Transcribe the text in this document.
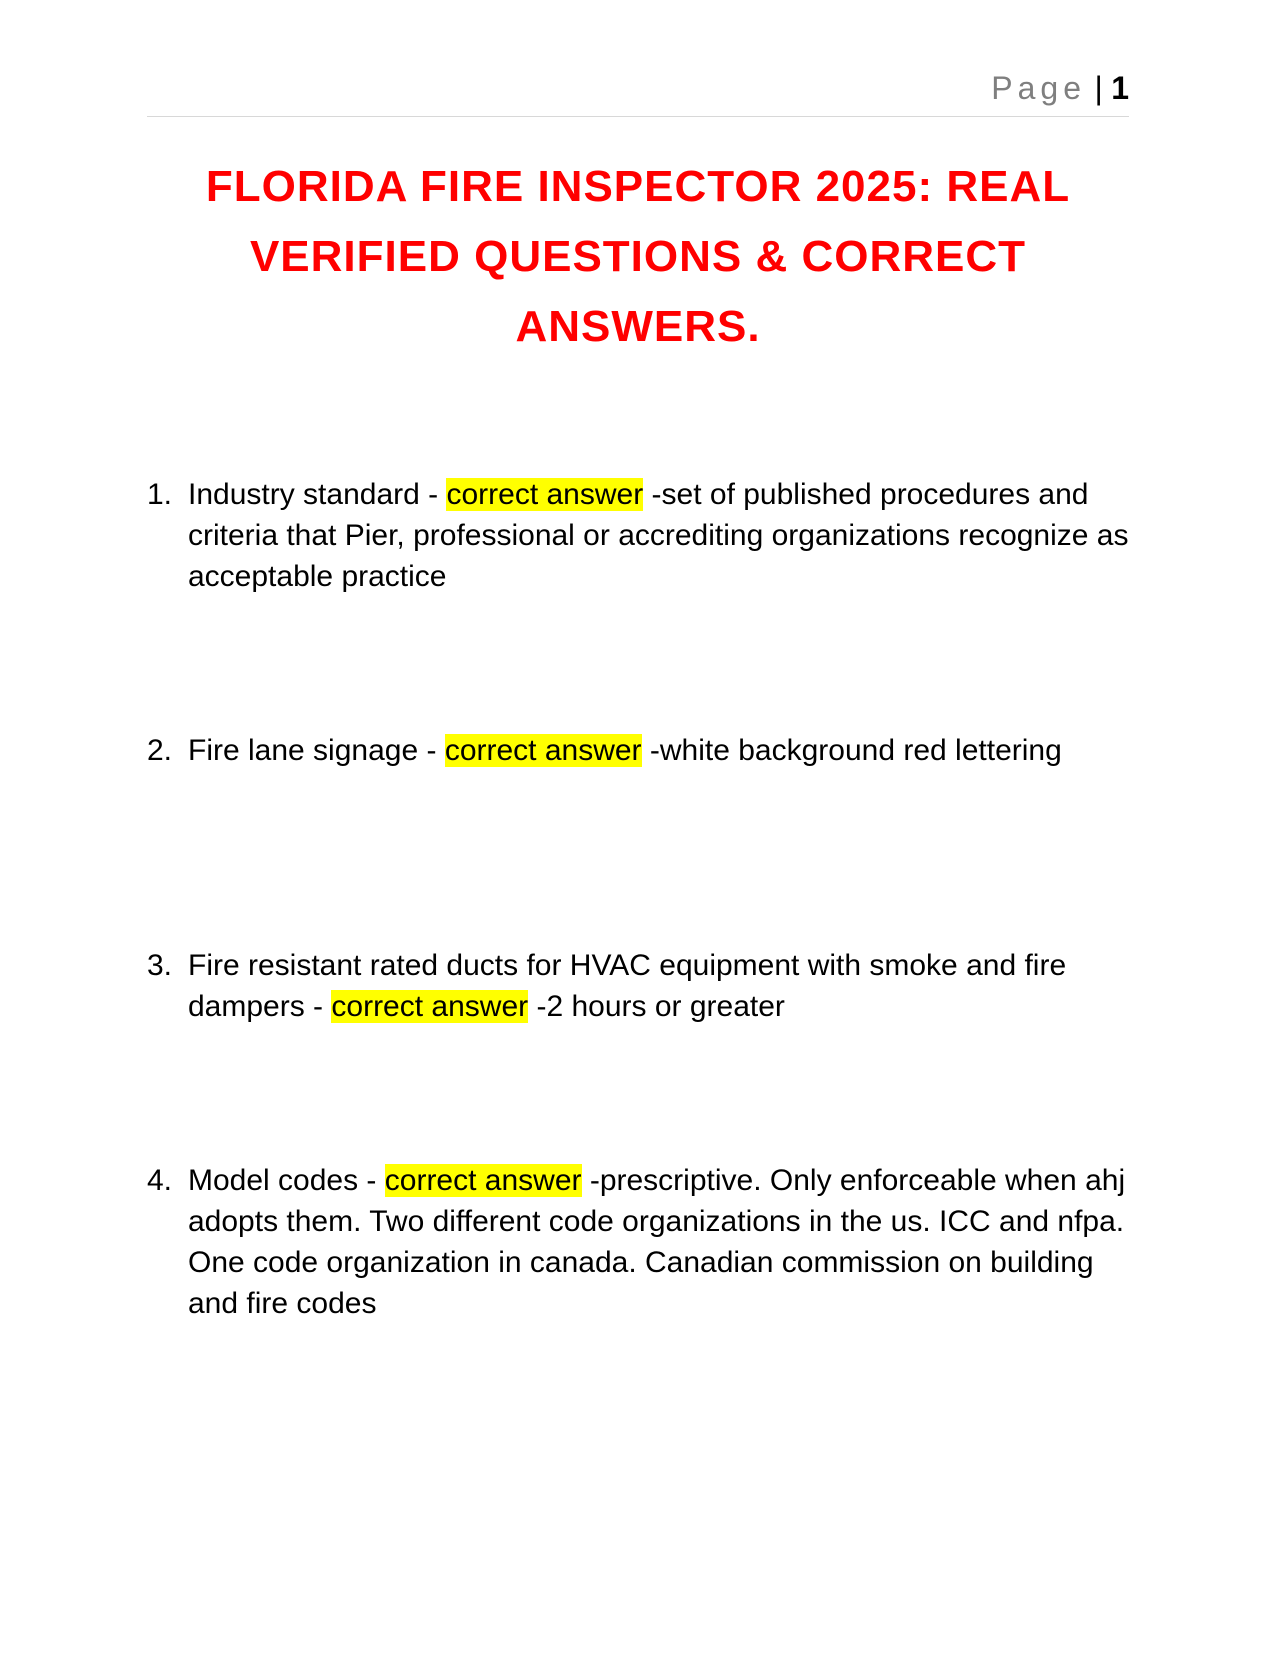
Page | 1
FLORIDA FIRE INSPECTOR 2025: REAL VERIFIED QUESTIONS & CORRECT ANSWERS.
1. Industry standard - correct answer -set of published procedures and criteria that Pier, professional or accrediting organizations recognize as acceptable practice
2. Fire lane signage - correct answer -white background red lettering
3. Fire resistant rated ducts for HVAC equipment with smoke and fire dampers - correct answer -2 hours or greater
4. Model codes - correct answer -prescriptive. Only enforceable when ahj adopts them. Two different code organizations in the us. ICC and nfpa. One code organization in canada. Canadian commission on building and fire codes
